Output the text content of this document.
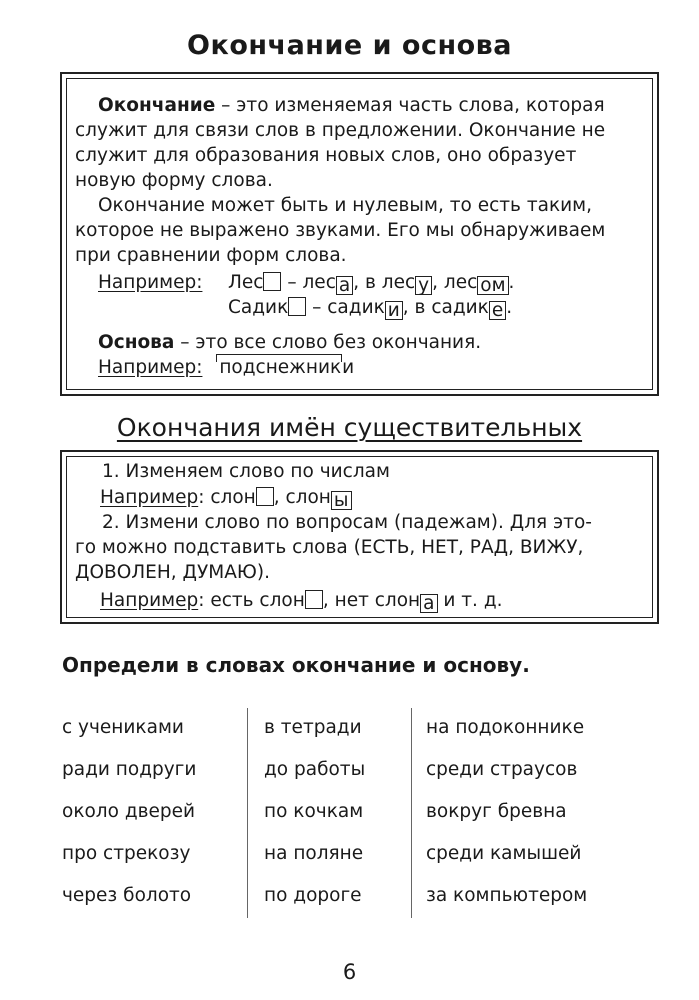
Окончание и основа
Окончание – это изменяемая часть слова, которая
служит для связи слов в предложении. Окончание не
служит для образования новых слов, оно образует
новую форму слова.
Окончание может быть и нулевым, то есть таким,
которое не выражено звуками. Его мы обнаруживаем
при сравнении форм слова.
Например: Лес – лес а , в лес у , лес ом .
Садик – садик и , в садик е .
Основа – это все слово без окончания.
Например: подснежники
Окончания имён существительных
1. Изменяем слово по числам
Например: слон , слон ы
2. Измени слово по вопросам (падежам). Для это-
го можно подставить слова (ЕСТЬ, НЕТ, РАД, ВИЖУ,
ДОВОЛЕН, ДУМАЮ).
Например: есть слон , нет слон а и т. д.
Определи в словах окончание и основу.
с учениками
ради подруги
около дверей
про стрекозу
через болото
в тетради
до работы
по кочкам
на поляне
по дороге
на подоконнике
среди страусов
вокруг бревна
среди камышей
за компьютером
6
